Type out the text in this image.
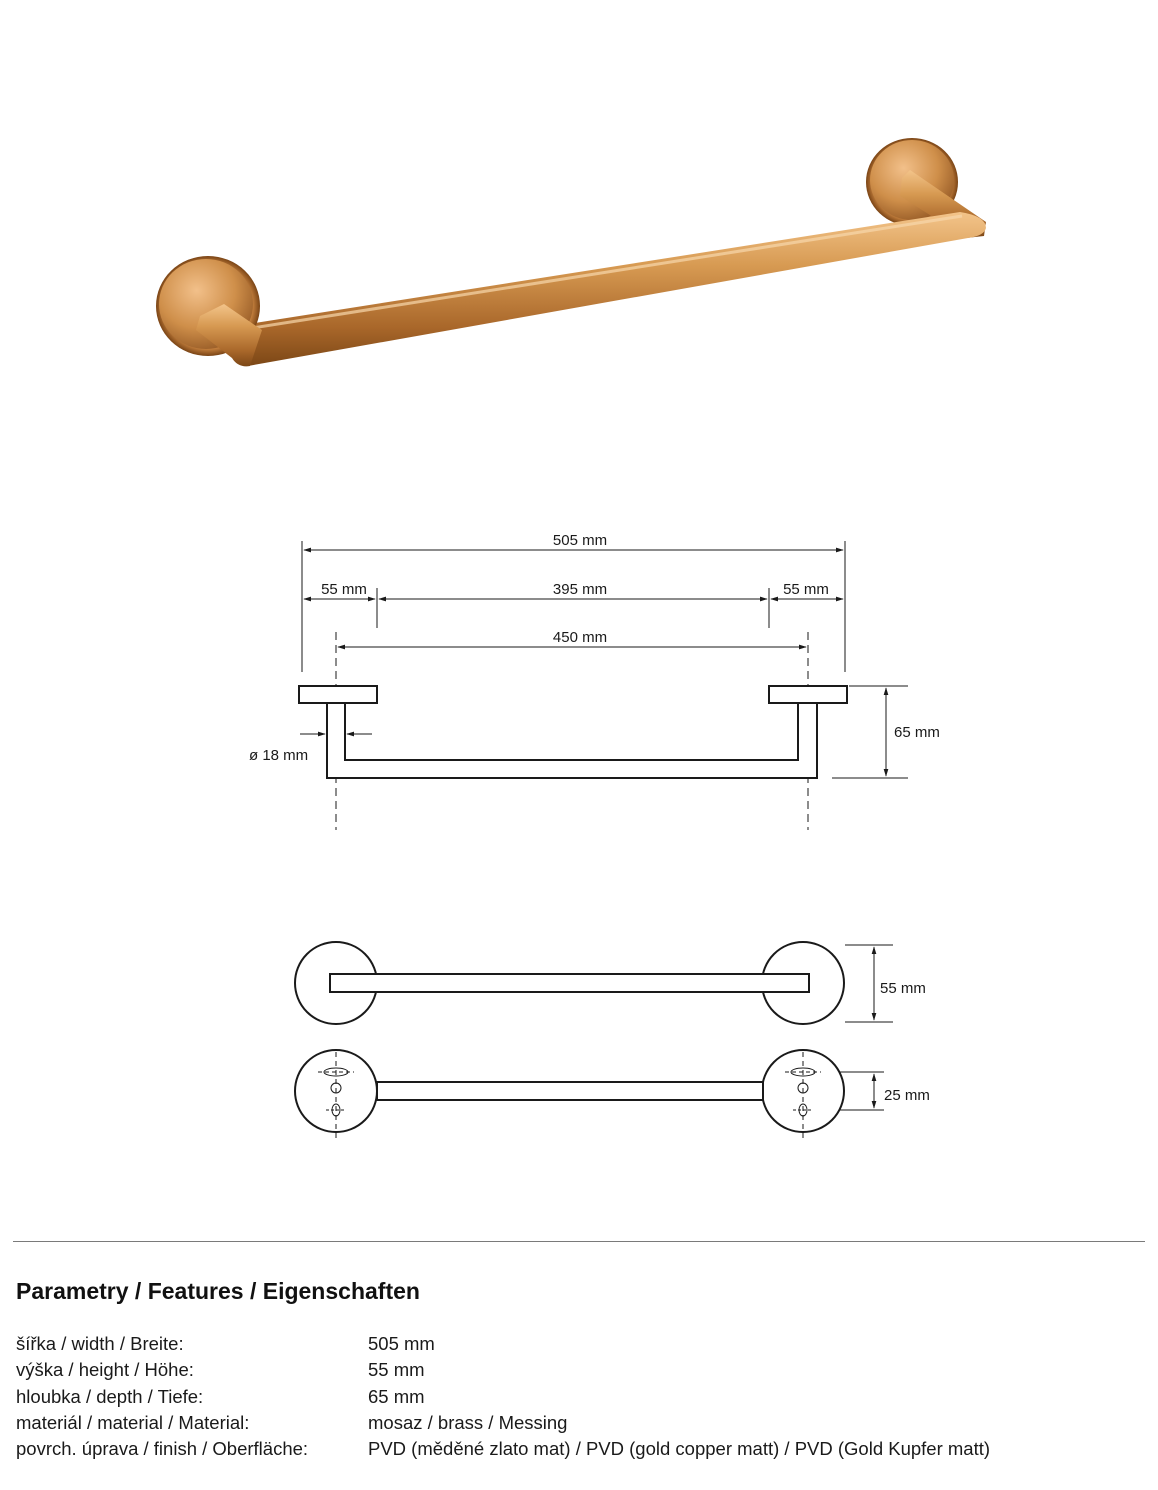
505 mm
55 mm	395 mm	55 mm
450 mm
65 mm
ø 18 mm
55 mm
25 mm
Parametry / Features / Eigenschaften
šířka / width / Breite:	505 mm
výška / height / Höhe:	55 mm
hloubka / depth / Tiefe:	65 mm
materiál / material / Material:	mosaz / brass / Messing
povrch. úprava / finish / Oberfläche:	PVD (měděné zlato mat) / PVD (gold copper matt) / PVD (Gold Kupfer matt)
